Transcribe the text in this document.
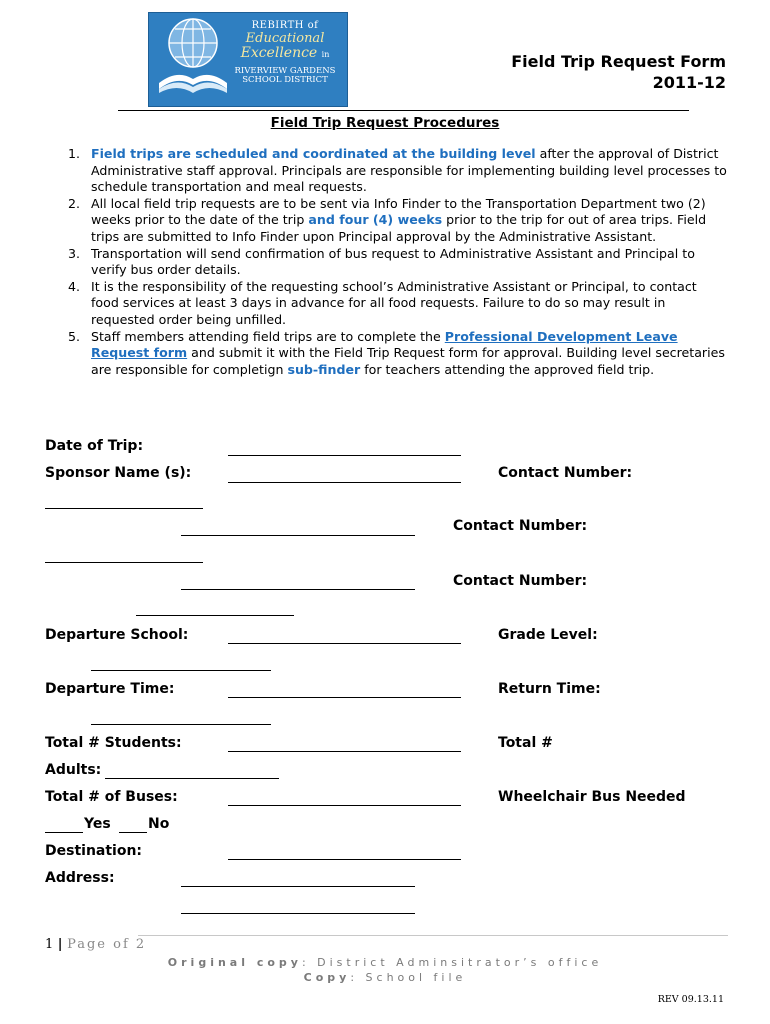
REBIRTH of
Educational
Excellence in
RIVERVIEW GARDENS
SCHOOL DISTRICT
Field Trip Request Form
2011-12
Field Trip Request Procedures
1. Field trips are scheduled and coordinated at the building level after the approval of District Administrative staff approval. Principals are responsible for implementing building level processes to schedule transportation and meal requests.
2. All local field trip requests are to be sent via Info Finder to the Transportation Department two (2) weeks prior to the date of the trip and four (4) weeks prior to the trip for out of area trips. Field trips are submitted to Info Finder upon Principal approval by the Administrative Assistant.
3. Transportation will send confirmation of bus request to Administrative Assistant and Principal to verify bus order details.
4. It is the responsibility of the requesting school’s Administrative Assistant or Principal, to contact food services at least 3 days in advance for all food requests. Failure to do so may result in requested order being unfilled.
5. Staff members attending field trips are to complete the Professional Development Leave Request form and submit it with the Field Trip Request form for approval. Building level secretaries are responsible for completign sub-finder for teachers attending the approved field trip.
Date of Trip:
Sponsor Name (s):	Contact Number:
Contact Number:
Contact Number:
Departure School:	Grade Level:
Departure Time:	Return Time:
Total # Students:	Total #
Adults:
Total # of Buses:	Wheelchair Bus Needed
Yes	No
Destination:
Address:
1 | Page of 2
Original copy: District Adminsitrator’s office
Copy: School file
REV 09.13.11
